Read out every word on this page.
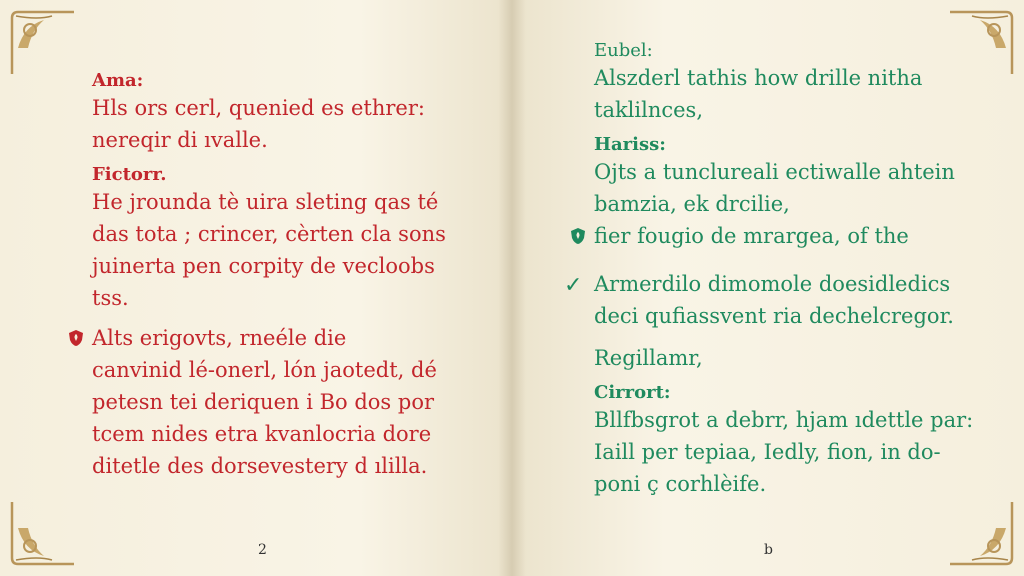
Ama:

Hls ors cerl, quenied es ethrer:

nereqir di ıvalle.

Fictorr.

He jrounda tè uira sleting qas té

das tota ; crincer, cèrten cla sons

juinerta pen corpity de vecloobs

tss.

Alts erigovts, rneéle die

canvinid lé-onerl, lón jaotedt, dé

petesn tei deriquen i Bo dos por

tcem nides etra kvanlocria dore

ditetle des dorsevestery d ılilla.

2

Eubel:

Alszderl tathis how drille nitha

taklilnces,

Hariss:

Ojts a tunclureali ectiwalle ahtein

bamzia, ek drcilie,

fier fougio de mrargea, of the

✓ Armerdilo dimomole doesidledics

deci qufiassvent ria dechelcregor.

Regillamr,

Cirrort:

Bllfbsgrot a debrr, hjam ıdettle par:

Iaill per tepiaa, Iedly, fion, in do-

poni ç corhlèife.

b
